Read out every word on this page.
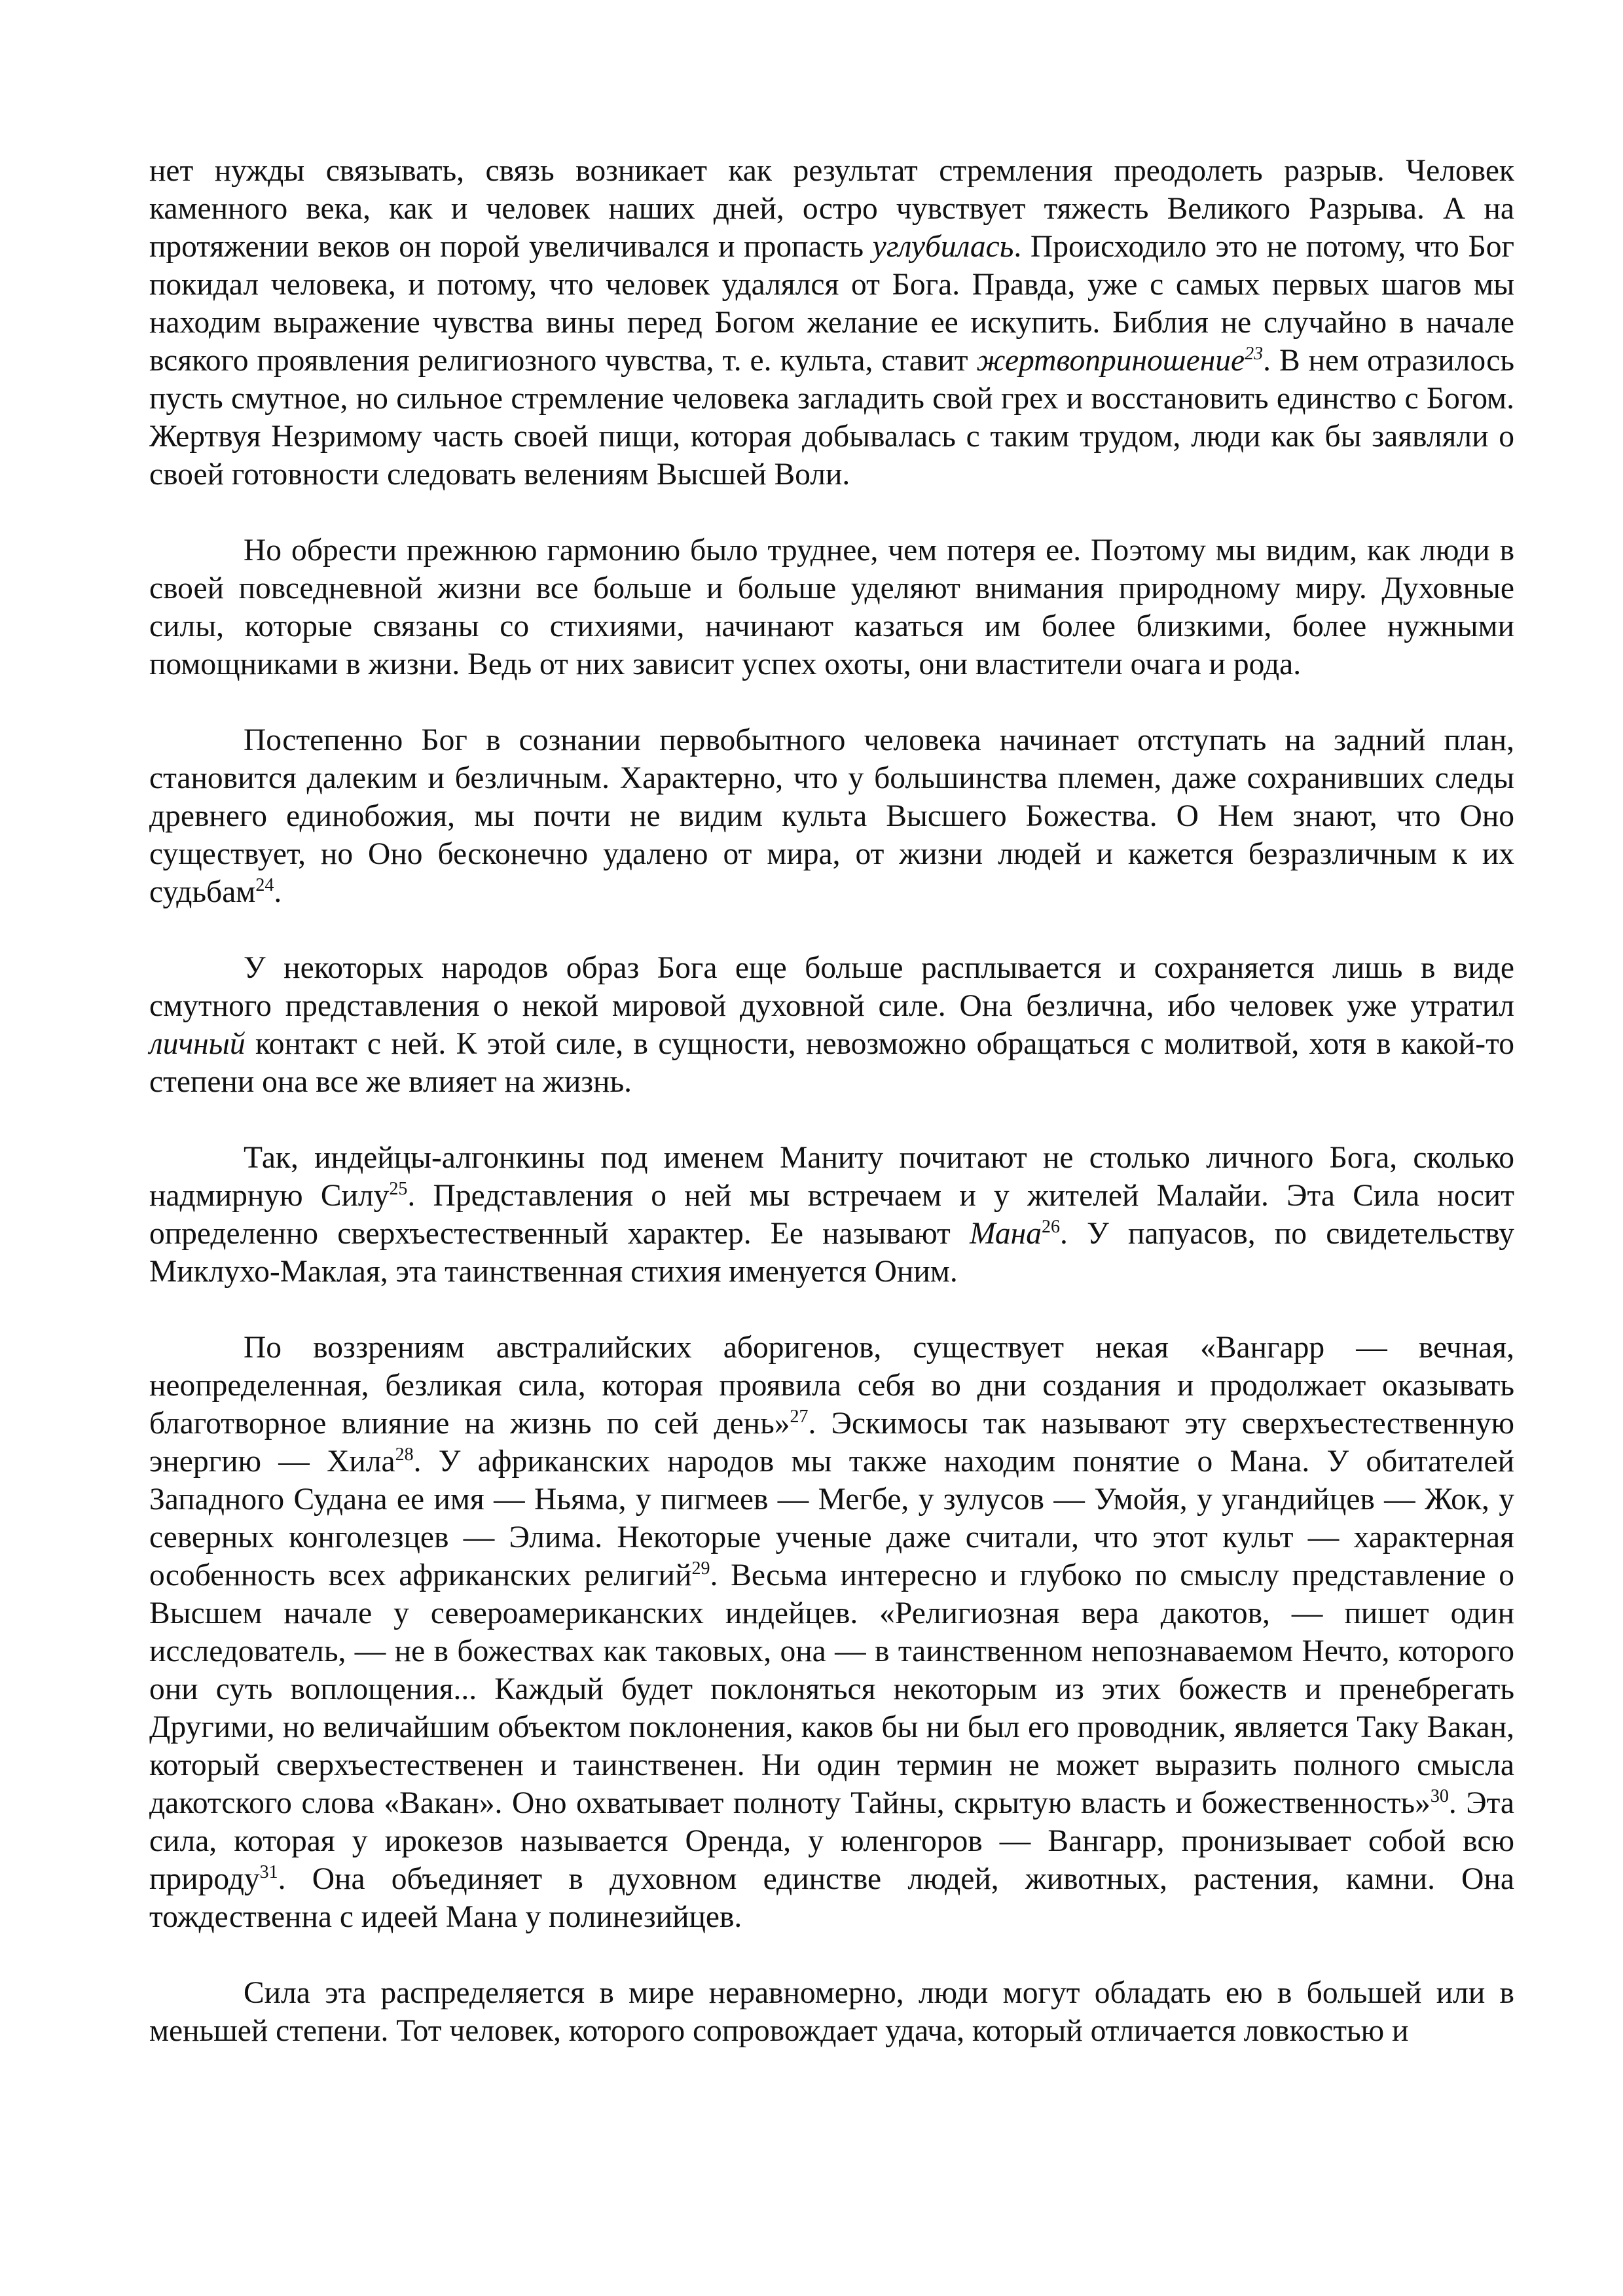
нет нужды связывать, связь возникает как результат стремления преодолеть разрыв. Человек каменного века, как и человек наших дней, остро чувствует тяжесть Великого Разрыва. А на протяжении веков он порой увеличивался и пропасть углубилась. Происходило это не потому, что Бог покидал человека, и потому, что человек удалялся от Бога. Правда, уже с самых первых шагов мы находим выражение чувства вины перед Богом желание ее искупить. Библия не случайно в начале всякого проявления религиозного чувства, т. е. культа, ставит жертвоприношение$^{23}$. В нем отразилось пусть смутное, но сильное стремление человека загладить свой грех и восстановить единство с Богом. Жертвуя Незримому часть своей пищи, которая добывалась с таким трудом, люди как бы заявляли о своей готовности следовать велениям Высшей Воли.

Но обрести прежнюю гармонию было труднее, чем потеря ее. Поэтому мы видим, как люди в своей повседневной жизни все больше и больше уделяют внимания природному миру. Духовные силы, которые связаны со стихиями, начинают казаться им более близкими, более нужными помощниками в жизни. Ведь от них зависит успех охоты, они властители очага и рода.

Постепенно Бог в сознании первобытного человека начинает отступать на задний план, становится далеким и безличным. Характерно, что у большинства племен, даже сохранивших следы древнего единобожия, мы почти не видим культа Высшего Божества. О Нем знают, что Оно существует, но Оно бесконечно удалено от мира, от жизни людей и кажется безразличным к их судьбам$^{24}$.

У некоторых народов образ Бога еще больше расплывается и сохраняется лишь в виде смутного представления о некой мировой духовной силе. Она безлична, ибо человек уже утратил личный контакт с ней. К этой силе, в сущности, невозможно обращаться с молитвой, хотя в какой-то степени она все же влияет на жизнь.

Так, индейцы-алгонкины под именем Маниту почитают не столько личного Бога, сколько надмирную Силу$^{25}$. Представления о ней мы встречаем и у жителей Малайи. Эта Сила носит определенно сверхъестественный характер. Ее называют Мана$^{26}$. У папуасов, по свидетельству Миклухо-Маклая, эта таинственная стихия именуется Оним.

По воззрениям австралийских аборигенов, существует некая «Вангарр — вечная, неопределенная, безликая сила, которая проявила себя во дни создания и продолжает оказывать благотворное влияние на жизнь по сей день»$^{27}$. Эскимосы так называют эту сверхъестественную энергию — Хила$^{28}$. У африканских народов мы также находим понятие о Мана. У обитателей Западного Судана ее имя — Ньяма, у пигмеев — Мегбе, у зулусов — Умойя, у угандийцев — Жок, у северных конголезцев — Элима. Некоторые ученые даже считали, что этот культ — характерная особенность всех африканских религий$^{29}$. Весьма интересно и глубоко по смыслу представление о Высшем начале у североамериканских индейцев. «Религиозная вера дакотов, — пишет один исследователь, — не в божествах как таковых, она — в таинственном непознаваемом Нечто, которого они суть воплощения... Каждый будет поклоняться некоторым из этих божеств и пренебрегать Другими, но величайшим объектом поклонения, каков бы ни был его проводник, является Таку Вакан, который сверхъестественен и таинственен. Ни один термин не может выразить полного смысла дакотского слова «Вакан». Оно охватывает полноту Тайны, скрытую власть и божественность»$^{30}$. Эта сила, которая у ирокезов называется Оренда, у юленгоров — Вангарр, пронизывает собой всю природу$^{31}$. Она объединяет в духовном единстве людей, животных, растения, камни. Она тождественна с идеей Мана у полинезийцев.

Сила эта распределяется в мире неравномерно, люди могут обладать ею в большей или в меньшей степени. Тот человек, которого сопровождает удача, который отличается ловкостью и
